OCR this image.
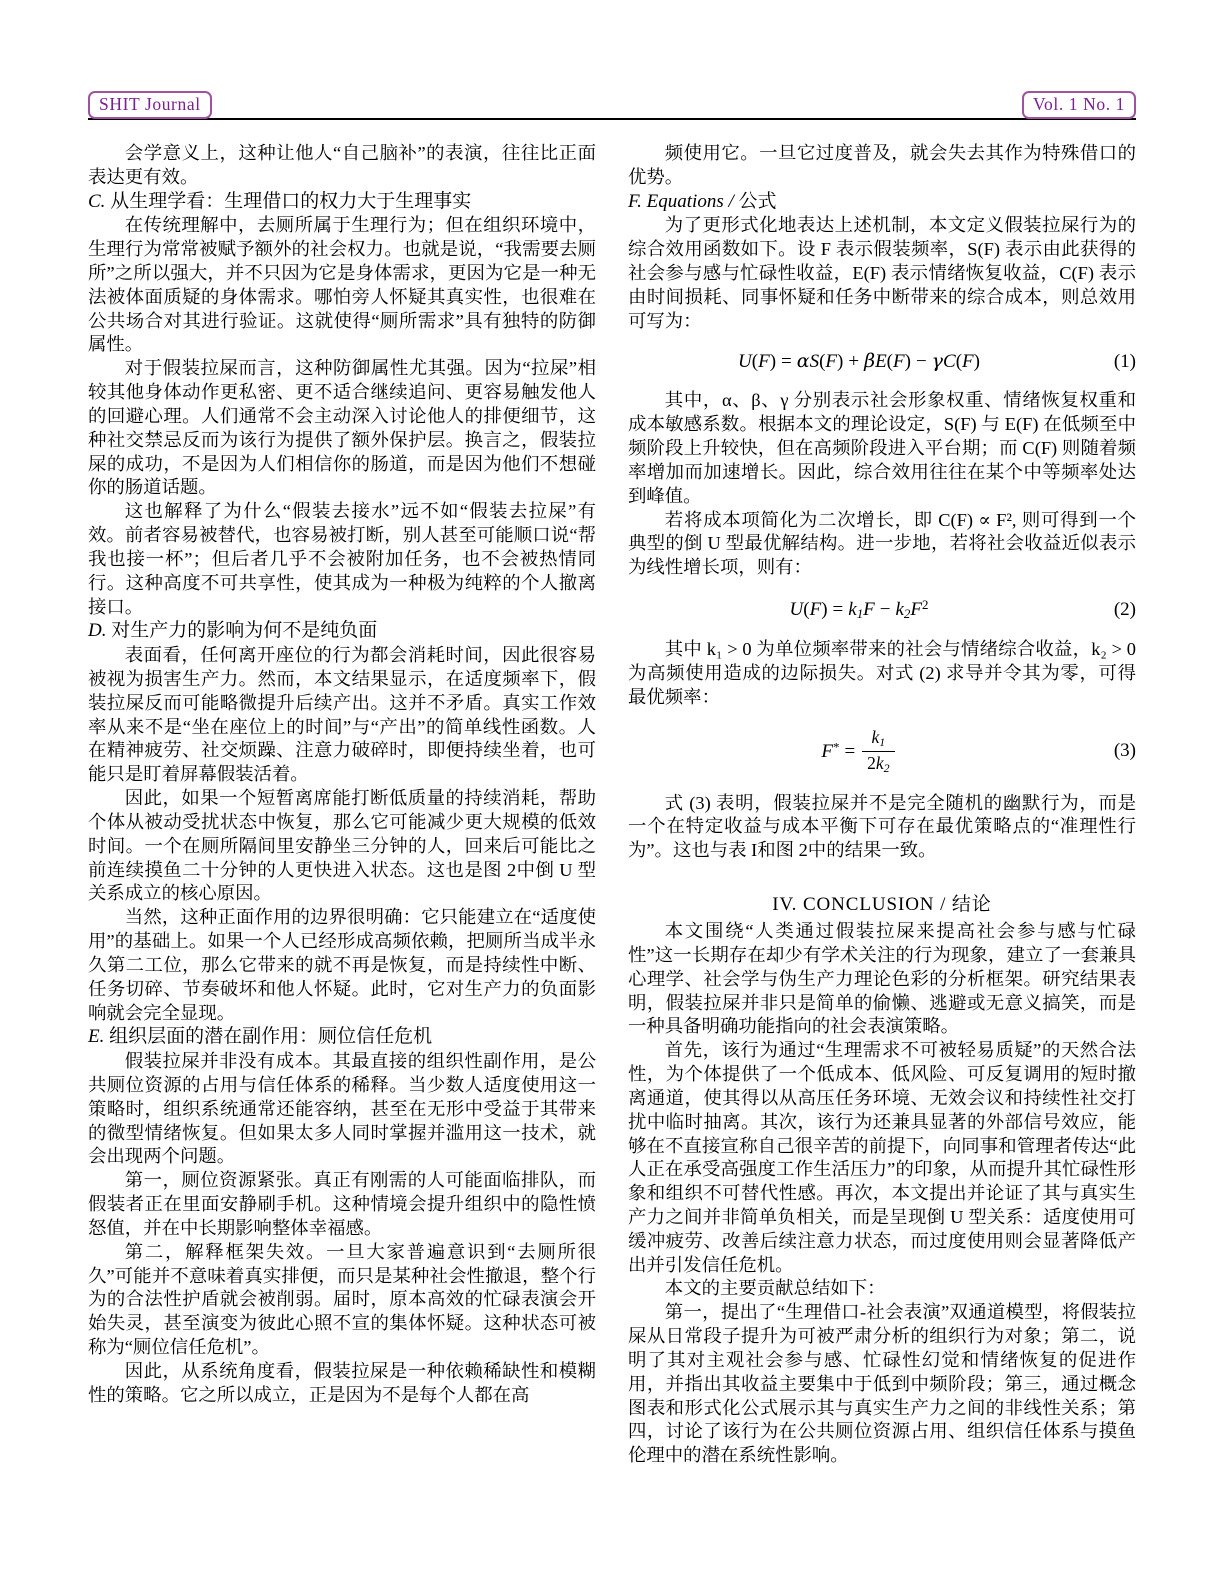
SHIT Journal	Vol. 1 No. 1

会学意义上，这种让他人“自己脑补”的表演，往往比正面表达更有效。

C. 从生理学看：生理借口的权力大于生理事实

在传统理解中，去厕所属于生理行为；但在组织环境中，生理行为常常被赋予额外的社会权力。也就是说，“我需要去厕所”之所以强大，并不只因为它是身体需求，更因为它是一种无法被体面质疑的身体需求。哪怕旁人怀疑其真实性，也很难在公共场合对其进行验证。这就使得“厕所需求”具有独特的防御属性。

对于假装拉屎而言，这种防御属性尤其强。因为“拉屎”相较其他身体动作更私密、更不适合继续追问、更容易触发他人的回避心理。人们通常不会主动深入讨论他人的排便细节，这种社交禁忌反而为该行为提供了额外保护层。换言之，假装拉屎的成功，不是因为人们相信你的肠道，而是因为他们不想碰你的肠道话题。

这也解释了为什么“假装去接水”远不如“假装去拉屎”有效。前者容易被替代，也容易被打断，别人甚至可能顺口说“帮我也接一杯”；但后者几乎不会被附加任务，也不会被热情同行。这种高度不可共享性，使其成为一种极为纯粹的个人撤离接口。

D. 对生产力的影响为何不是纯负面

表面看，任何离开座位的行为都会消耗时间，因此很容易被视为损害生产力。然而，本文结果显示，在适度频率下，假装拉屎反而可能略微提升后续产出。这并不矛盾。真实工作效率从来不是“坐在座位上的时间”与“产出”的简单线性函数。人在精神疲劳、社交烦躁、注意力破碎时，即便持续坐着，也可能只是盯着屏幕假装活着。

因此，如果一个短暂离席能打断低质量的持续消耗，帮助个体从被动受扰状态中恢复，那么它可能减少更大规模的低效时间。一个在厕所隔间里安静坐三分钟的人，回来后可能比之前连续摸鱼二十分钟的人更快进入状态。这也是图 2中倒 U 型关系成立的核心原因。

当然，这种正面作用的边界很明确：它只能建立在“适度使用”的基础上。如果一个人已经形成高频依赖，把厕所当成半永久第二工位，那么它带来的就不再是恢复，而是持续性中断、任务切碎、节奏破坏和他人怀疑。此时，它对生产力的负面影响就会完全显现。

E. 组织层面的潜在副作用：厕位信任危机

假装拉屎并非没有成本。其最直接的组织性副作用，是公共厕位资源的占用与信任体系的稀释。当少数人适度使用这一策略时，组织系统通常还能容纳，甚至在无形中受益于其带来的微型情绪恢复。但如果太多人同时掌握并滥用这一技术，就会出现两个问题。

第一，厕位资源紧张。真正有刚需的人可能面临排队，而假装者正在里面安静刷手机。这种情境会提升组织中的隐性愤怒值，并在中长期影响整体幸福感。

第二，解释框架失效。一旦大家普遍意识到“去厕所很久”可能并不意味着真实排便，而只是某种社会性撤退，整个行为的合法性护盾就会被削弱。届时，原本高效的忙碌表演会开始失灵，甚至演变为彼此心照不宣的集体怀疑。这种状态可被称为“厕位信任危机”。

因此，从系统角度看，假装拉屎是一种依赖稀缺性和模糊性的策略。它之所以成立，正是因为不是每个人都在高

频使用它。一旦它过度普及，就会失去其作为特殊借口的优势。

F. Equations / 公式

为了更形式化地表达上述机制，本文定义假装拉屎行为的综合效用函数如下。设 F 表示假装频率，S(F) 表示由此获得的社会参与感与忙碌性收益，E(F) 表示情绪恢复收益，C(F) 表示由时间损耗、同事怀疑和任务中断带来的综合成本，则总效用可写为：

U(F) = αS(F) + βE(F) − γC(F)	(1)

其中，α、β、γ 分别表示社会形象权重、情绪恢复权重和成本敏感系数。根据本文的理论设定，S(F) 与 E(F) 在低频至中频阶段上升较快，但在高频阶段进入平台期；而 C(F) 则随着频率增加而加速增长。因此，综合效用往往在某个中等频率处达到峰值。

若将成本项简化为二次增长，即 C(F) ∝ F², 则可得到一个典型的倒 U 型最优解结构。进一步地，若将社会收益近似表示为线性增长项，则有：

$U(F) = k_1F - k_2F^2$	(2)

其中 k₁ > 0 为单位频率带来的社会与情绪综合收益，k₂ > 0 为高频使用造成的边际损失。对式 (2) 求导并令其为零，可得最优频率：

$F^* = \frac{k_1}{2k_2}$	(3)

式 (3) 表明，假装拉屎并不是完全随机的幽默行为，而是一个在特定收益与成本平衡下可存在最优策略点的“准理性行为”。这也与表 I和图 2中的结果一致。

IV. CONCLUSION / 结论

本文围绕“人类通过假装拉屎来提高社会参与感与忙碌性”这一长期存在却少有学术关注的行为现象，建立了一套兼具心理学、社会学与伪生产力理论色彩的分析框架。研究结果表明，假装拉屎并非只是简单的偷懒、逃避或无意义搞笑，而是一种具备明确功能指向的社会表演策略。

首先，该行为通过“生理需求不可被轻易质疑”的天然合法性，为个体提供了一个低成本、低风险、可反复调用的短时撤离通道，使其得以从高压任务环境、无效会议和持续性社交打扰中临时抽离。其次，该行为还兼具显著的外部信号效应，能够在不直接宣称自己很辛苦的前提下，向同事和管理者传达“此人正在承受高强度工作生活压力”的印象，从而提升其忙碌性形象和组织不可替代性感。再次，本文提出并论证了其与真实生产力之间并非简单负相关，而是呈现倒 U 型关系：适度使用可缓冲疲劳、改善后续注意力状态，而过度使用则会显著降低产出并引发信任危机。

本文的主要贡献总结如下：

第一，提出了“生理借口-社会表演”双通道模型，将假装拉屎从日常段子提升为可被严肃分析的组织行为对象；第二，说明了其对主观社会参与感、忙碌性幻觉和情绪恢复的促进作用，并指出其收益主要集中于低到中频阶段；第三，通过概念图表和形式化公式展示其与真实生产力之间的非线性关系；第四，讨论了该行为在公共厕位资源占用、组织信任体系与摸鱼伦理中的潜在系统性影响。
